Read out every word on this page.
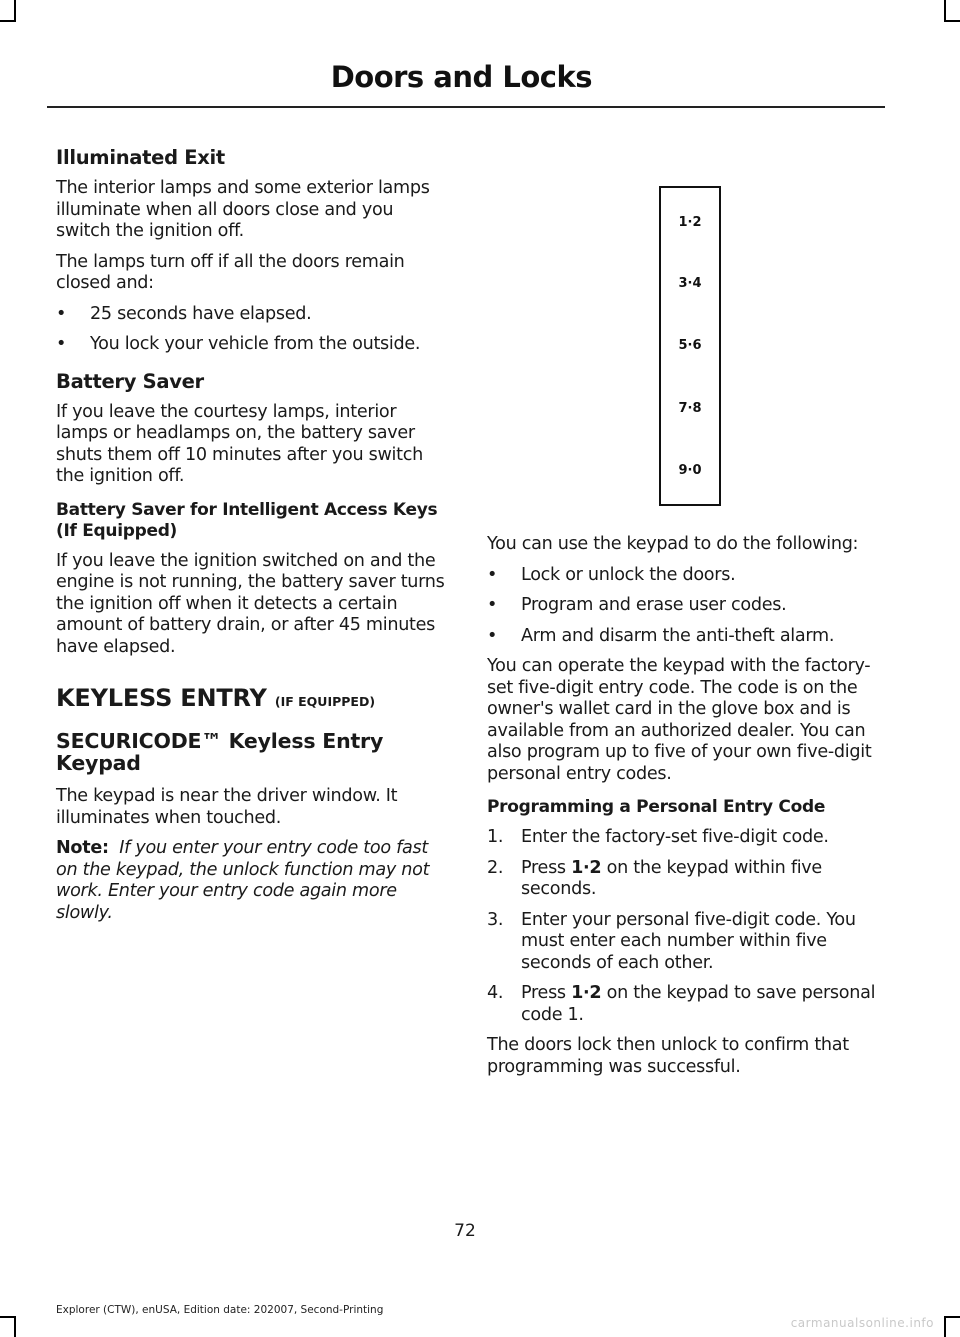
Doors and Locks
Illuminated Exit

The interior lamps and some exterior lamps illuminate when all doors close and you switch the ignition off.

The lamps turn off if all the doors remain closed and:

• 25 seconds have elapsed.
• You lock your vehicle from the outside.
Battery Saver

If you leave the courtesy lamps, interior lamps or headlamps on, the battery saver shuts them off 10 minutes after you switch the ignition off.

Battery Saver for Intelligent Access Keys (If Equipped)

If you leave the ignition switched on and the engine is not running, the battery saver turns the ignition off when it detects a certain amount of battery drain, or after 45 minutes have elapsed.

KEYLESS ENTRY (IF EQUIPPED)
SECURICODE™ Keyless Entry Keypad

The keypad is near the driver window. It illuminates when touched.

Note: If you enter your entry code too fast on the keypad, the unlock function may not work. Enter your entry code again more slowly.

1·2
3·4
5·6
7·8
9·0

You can use the keypad to do the following:

• Lock or unlock the doors.
• Program and erase user codes.
• Arm and disarm the anti-theft alarm.

You can operate the keypad with the factory-set five-digit entry code. The code is on the owner's wallet card in the glove box and is available from an authorized dealer. You can also program up to five of your own five-digit personal entry codes.

Programming a Personal Entry Code
1. Enter the factory-set five-digit code.
2. Press 1·2 on the keypad within five seconds.
3. Enter your personal five-digit code. You must enter each number within five seconds of each other.
4. Press 1·2 on the keypad to save personal code 1.

The doors lock then unlock to confirm that programming was successful.

72
Explorer (CTW), enUSA, Edition date: 202007, Second-Printing
carmanualsonline.info
